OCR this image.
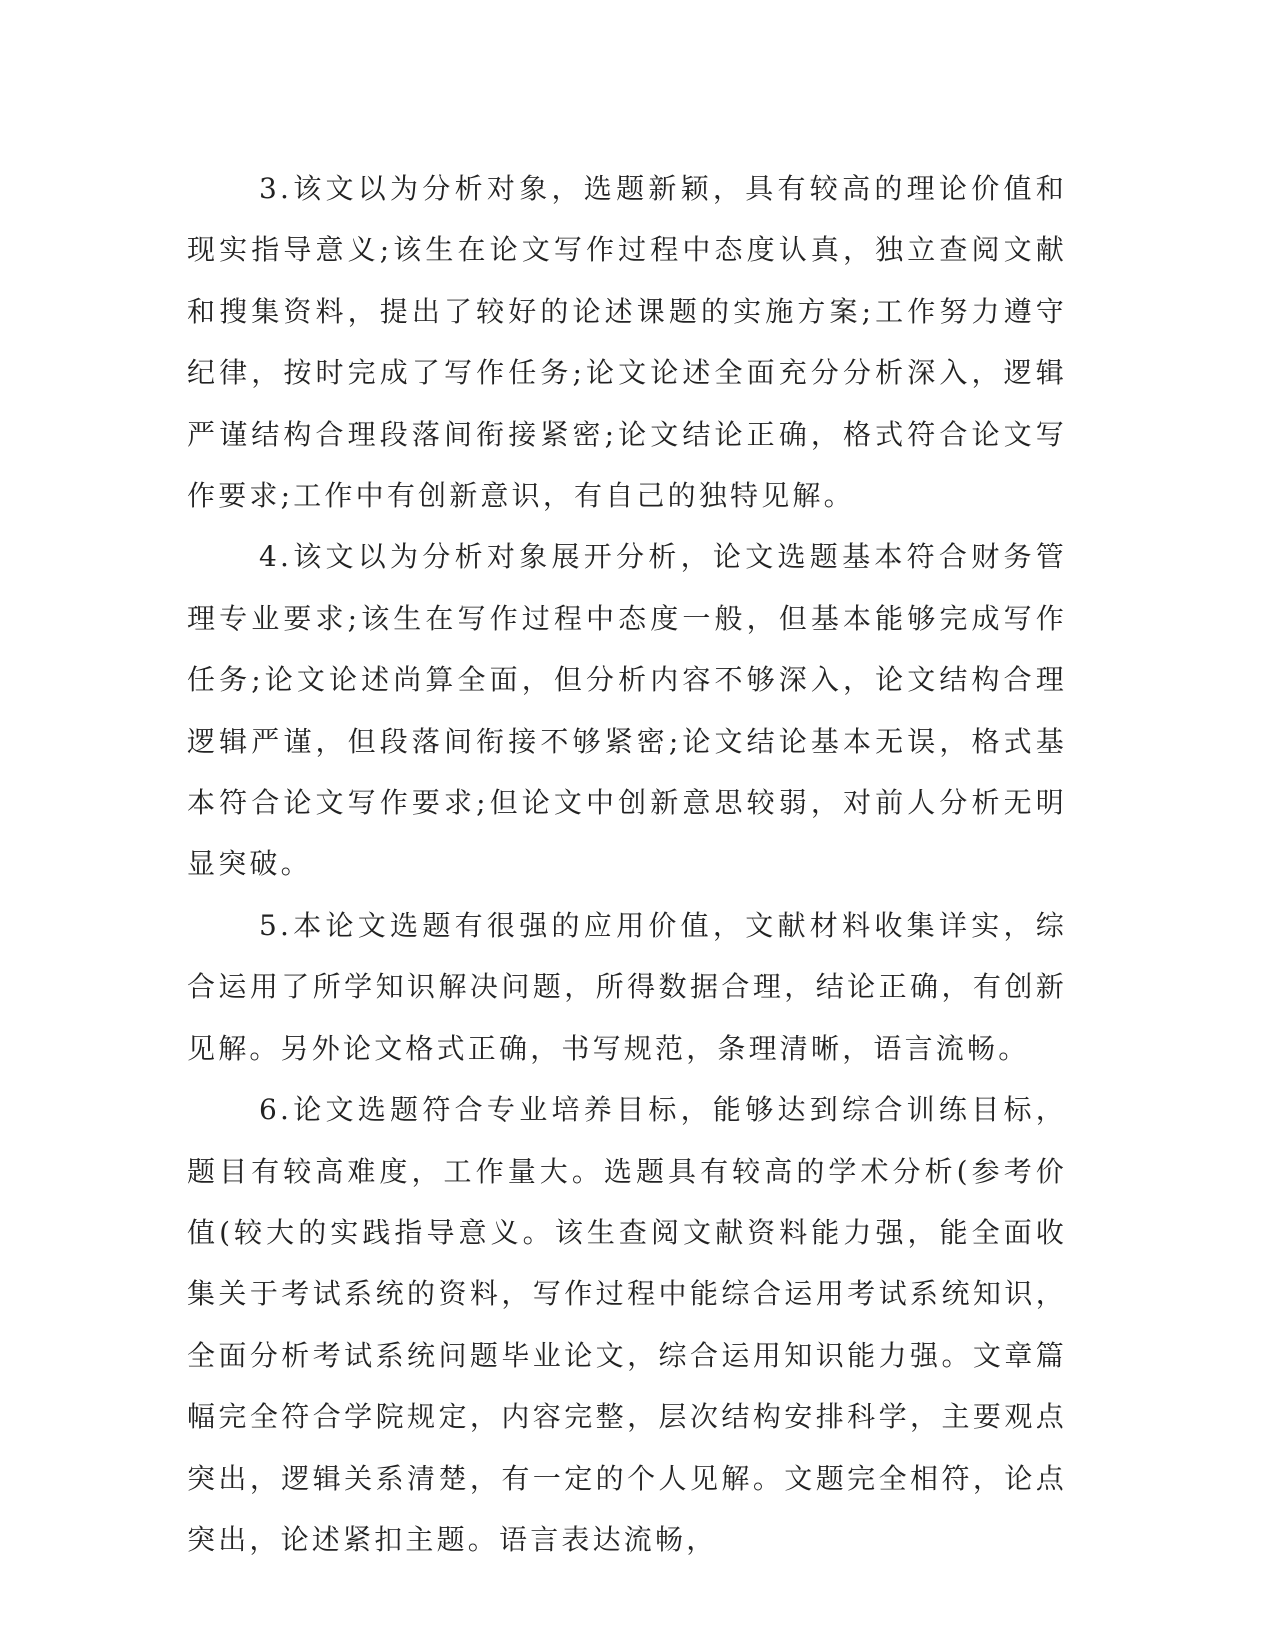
3.该文以为分析对象，选题新颖，具有较高的理论价值和现实指导意义;该生在论文写作过程中态度认真，独立查阅文献和搜集资料，提出了较好的论述课题的实施方案;工作努力遵守纪律，按时完成了写作任务;论文论述全面充分分析深入，逻辑严谨结构合理段落间衔接紧密;论文结论正确，格式符合论文写作要求;工作中有创新意识，有自己的独特见解。

4.该文以为分析对象展开分析，论文选题基本符合财务管理专业要求;该生在写作过程中态度一般，但基本能够完成写作任务;论文论述尚算全面，但分析内容不够深入，论文结构合理逻辑严谨，但段落间衔接不够紧密;论文结论基本无误，格式基本符合论文写作要求;但论文中创新意思较弱，对前人分析无明显突破。

5.本论文选题有很强的应用价值，文献材料收集详实，综合运用了所学知识解决问题，所得数据合理，结论正确，有创新见解。另外论文格式正确，书写规范，条理清晰，语言流畅。

6.论文选题符合专业培养目标，能够达到综合训练目标，题目有较高难度，工作量大。选题具有较高的学术分析(参考价值(较大的实践指导意义。该生查阅文献资料能力强，能全面收集关于考试系统的资料，写作过程中能综合运用考试系统知识，全面分析考试系统问题毕业论文，综合运用知识能力强。文章篇幅完全符合学院规定，内容完整，层次结构安排科学，主要观点突出，逻辑关系清楚，有一定的个人见解。文题完全相符，论点突出，论述紧扣主题。语言表达流畅，
